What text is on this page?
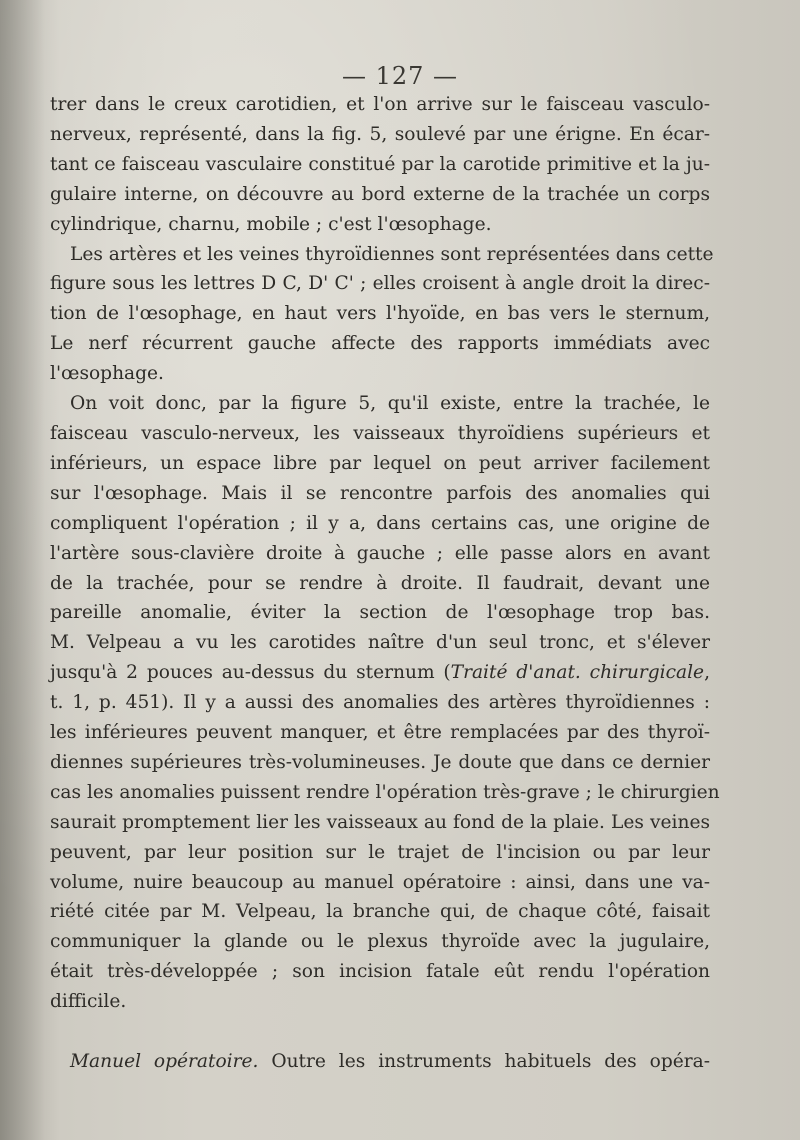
— 127 —
trer dans le creux carotidien, et l'on arrive sur le faisceau vasculo-
nerveux, représenté, dans la fig. 5, soulevé par une érigne. En écar-
tant ce faisceau vasculaire constitué par la carotide primitive et la ju-
gulaire interne, on découvre au bord externe de la trachée un corps
cylindrique, charnu, mobile ; c'est l'œsophage.
Les artères et les veines thyroïdiennes sont représentées dans cette
figure sous les lettres D C, D' C' ; elles croisent à angle droit la direc-
tion de l'œsophage, en haut vers l'hyoïde, en bas vers le sternum,
Le nerf récurrent gauche affecte des rapports immédiats avec
l'œsophage.
On voit donc, par la figure 5, qu'il existe, entre la trachée, le
faisceau vasculo-nerveux, les vaisseaux thyroïdiens supérieurs et
inférieurs, un espace libre par lequel on peut arriver facilement
sur l'œsophage. Mais il se rencontre parfois des anomalies qui
compliquent l'opération ; il y a, dans certains cas, une origine de
l'artère sous-clavière droite à gauche ; elle passe alors en avant
de la trachée, pour se rendre à droite. Il faudrait, devant une
pareille anomalie, éviter la section de l'œsophage trop bas.
M. Velpeau a vu les carotides naître d'un seul tronc, et s'élever
jusqu'à 2 pouces au-dessus du sternum (Traité d'anat. chirurgicale,
t. 1, p. 451). Il y a aussi des anomalies des artères thyroïdiennes :
les inférieures peuvent manquer, et être remplacées par des thyroï-
diennes supérieures très-volumineuses. Je doute que dans ce dernier
cas les anomalies puissent rendre l'opération très-grave ; le chirurgien
saurait promptement lier les vaisseaux au fond de la plaie. Les veines
peuvent, par leur position sur le trajet de l'incision ou par leur
volume, nuire beaucoup au manuel opératoire : ainsi, dans une va-
riété citée par M. Velpeau, la branche qui, de chaque côté, faisait
communiquer la glande ou le plexus thyroïde avec la jugulaire,
était très-développée ; son incision fatale eût rendu l'opération
difficile.
Manuel opératoire. Outre les instruments habituels des opéra-
